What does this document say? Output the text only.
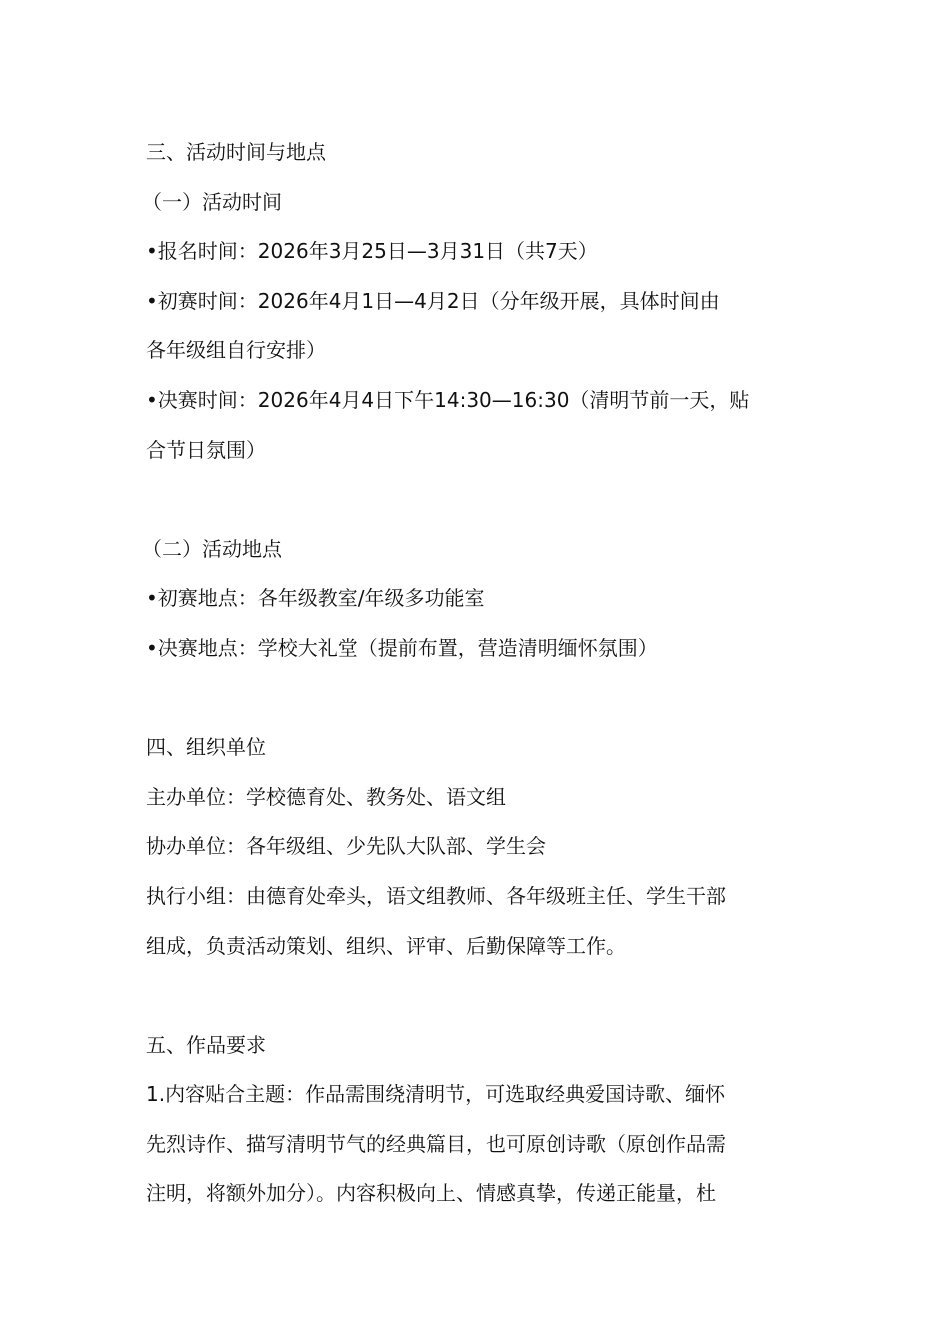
三、活动时间与地点
（一）活动时间
•报名时间：2026年3月25日—3月31日（共7天）
•初赛时间：2026年4月1日—4月2日（分年级开展，具体时间由
各年级组自行安排）
•决赛时间：2026年4月4日下午14:30—16:30（清明节前一天，贴
合节日氛围）
（二）活动地点
•初赛地点：各年级教室/年级多功能室
•决赛地点：学校大礼堂（提前布置，营造清明缅怀氛围）
四、组织单位
主办单位：学校德育处、教务处、语文组
协办单位：各年级组、少先队大队部、学生会
执行小组：由德育处牵头，语文组教师、各年级班主任、学生干部
组成，负责活动策划、组织、评审、后勤保障等工作。
五、作品要求
1.内容贴合主题：作品需围绕清明节，可选取经典爱国诗歌、缅怀
先烈诗作、描写清明节气的经典篇目，也可原创诗歌（原创作品需
注明，将额外加分）。内容积极向上、情感真挚，传递正能量，杜
